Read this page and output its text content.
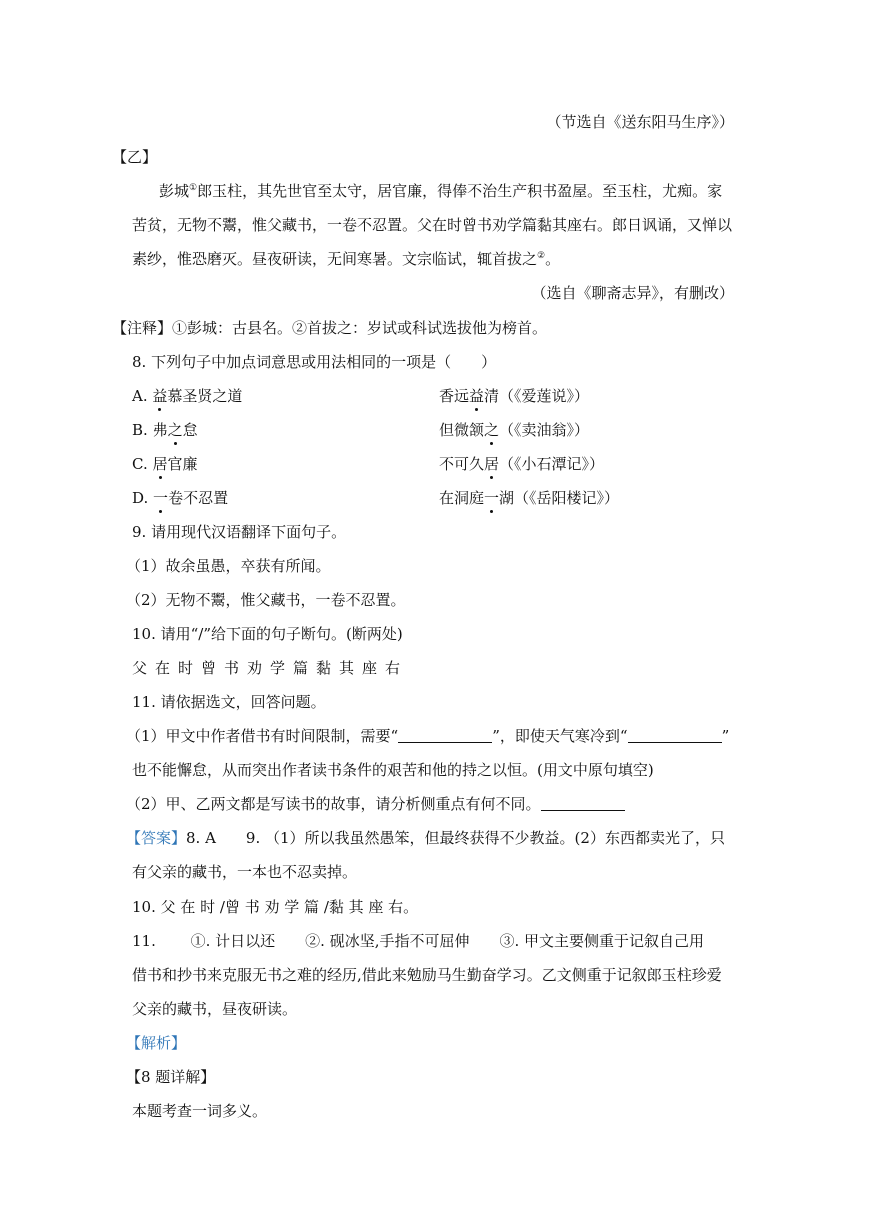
（节选自《送东阳马生序》）
【乙】
彭城①郎玉柱，其先世官至太守，居官廉，得俸不治生产积书盈屋。至玉柱，尤痴。家
苦贫，无物不鬻，惟父藏书，一卷不忍置。父在时曾书劝学篇黏其座右。郎日讽诵，又惮以
素纱，惟恐磨灭。昼夜研读，无间寒暑。文宗临试，辄首拔之②。
（选自《聊斋志异》，有删改）
【注释】①彭城：古县名。②首拔之：岁试或科试选拔他为榜首。
8. 下列句子中加点词意思或用法相同的一项是（　　）
A. 益慕圣贤之道	香远益清（《爱莲说》）
B. 弗之怠	但微颔之（《卖油翁》）
C. 居官廉	不可久居（《小石潭记》）
D. 一卷不忍置	在洞庭一湖（《岳阳楼记》）
9. 请用现代汉语翻译下面句子。
（1）故余虽愚，卒获有所闻。
（2）无物不鬻，惟父藏书，一卷不忍置。
10. 请用“/”给下面的句子断句。(断两处)
父在时曾书劝学篇黏其座右
11. 请依据选文，回答问题。
（1）甲文中作者借书有时间限制，需要“	”，即使天气寒冷到“	”
也不能懈怠，从而突出作者读书条件的艰苦和他的持之以恒。(用文中原句填空)
（2）甲、乙两文都是写读书的故事，请分析侧重点有何不同。
【答案】8. A　　9. （1）所以我虽然愚笨，但最终获得不少教益。(2）东西都卖光了，只
有父亲的藏书，一本也不忍卖掉。
10. 父 在 时 /曾 书 劝 学 篇 /黏 其 座 右。
11.　　 ①. 计日以还　　②. 砚冰坚,手指不可屈伸　　③. 甲文主要侧重于记叙自己用
借书和抄书来克服无书之难的经历,借此来勉励马生勤奋学习。乙文侧重于记叙郎玉柱珍爱
父亲的藏书，昼夜研读。
【解析】
【8 题详解】
本题考查一词多义。
